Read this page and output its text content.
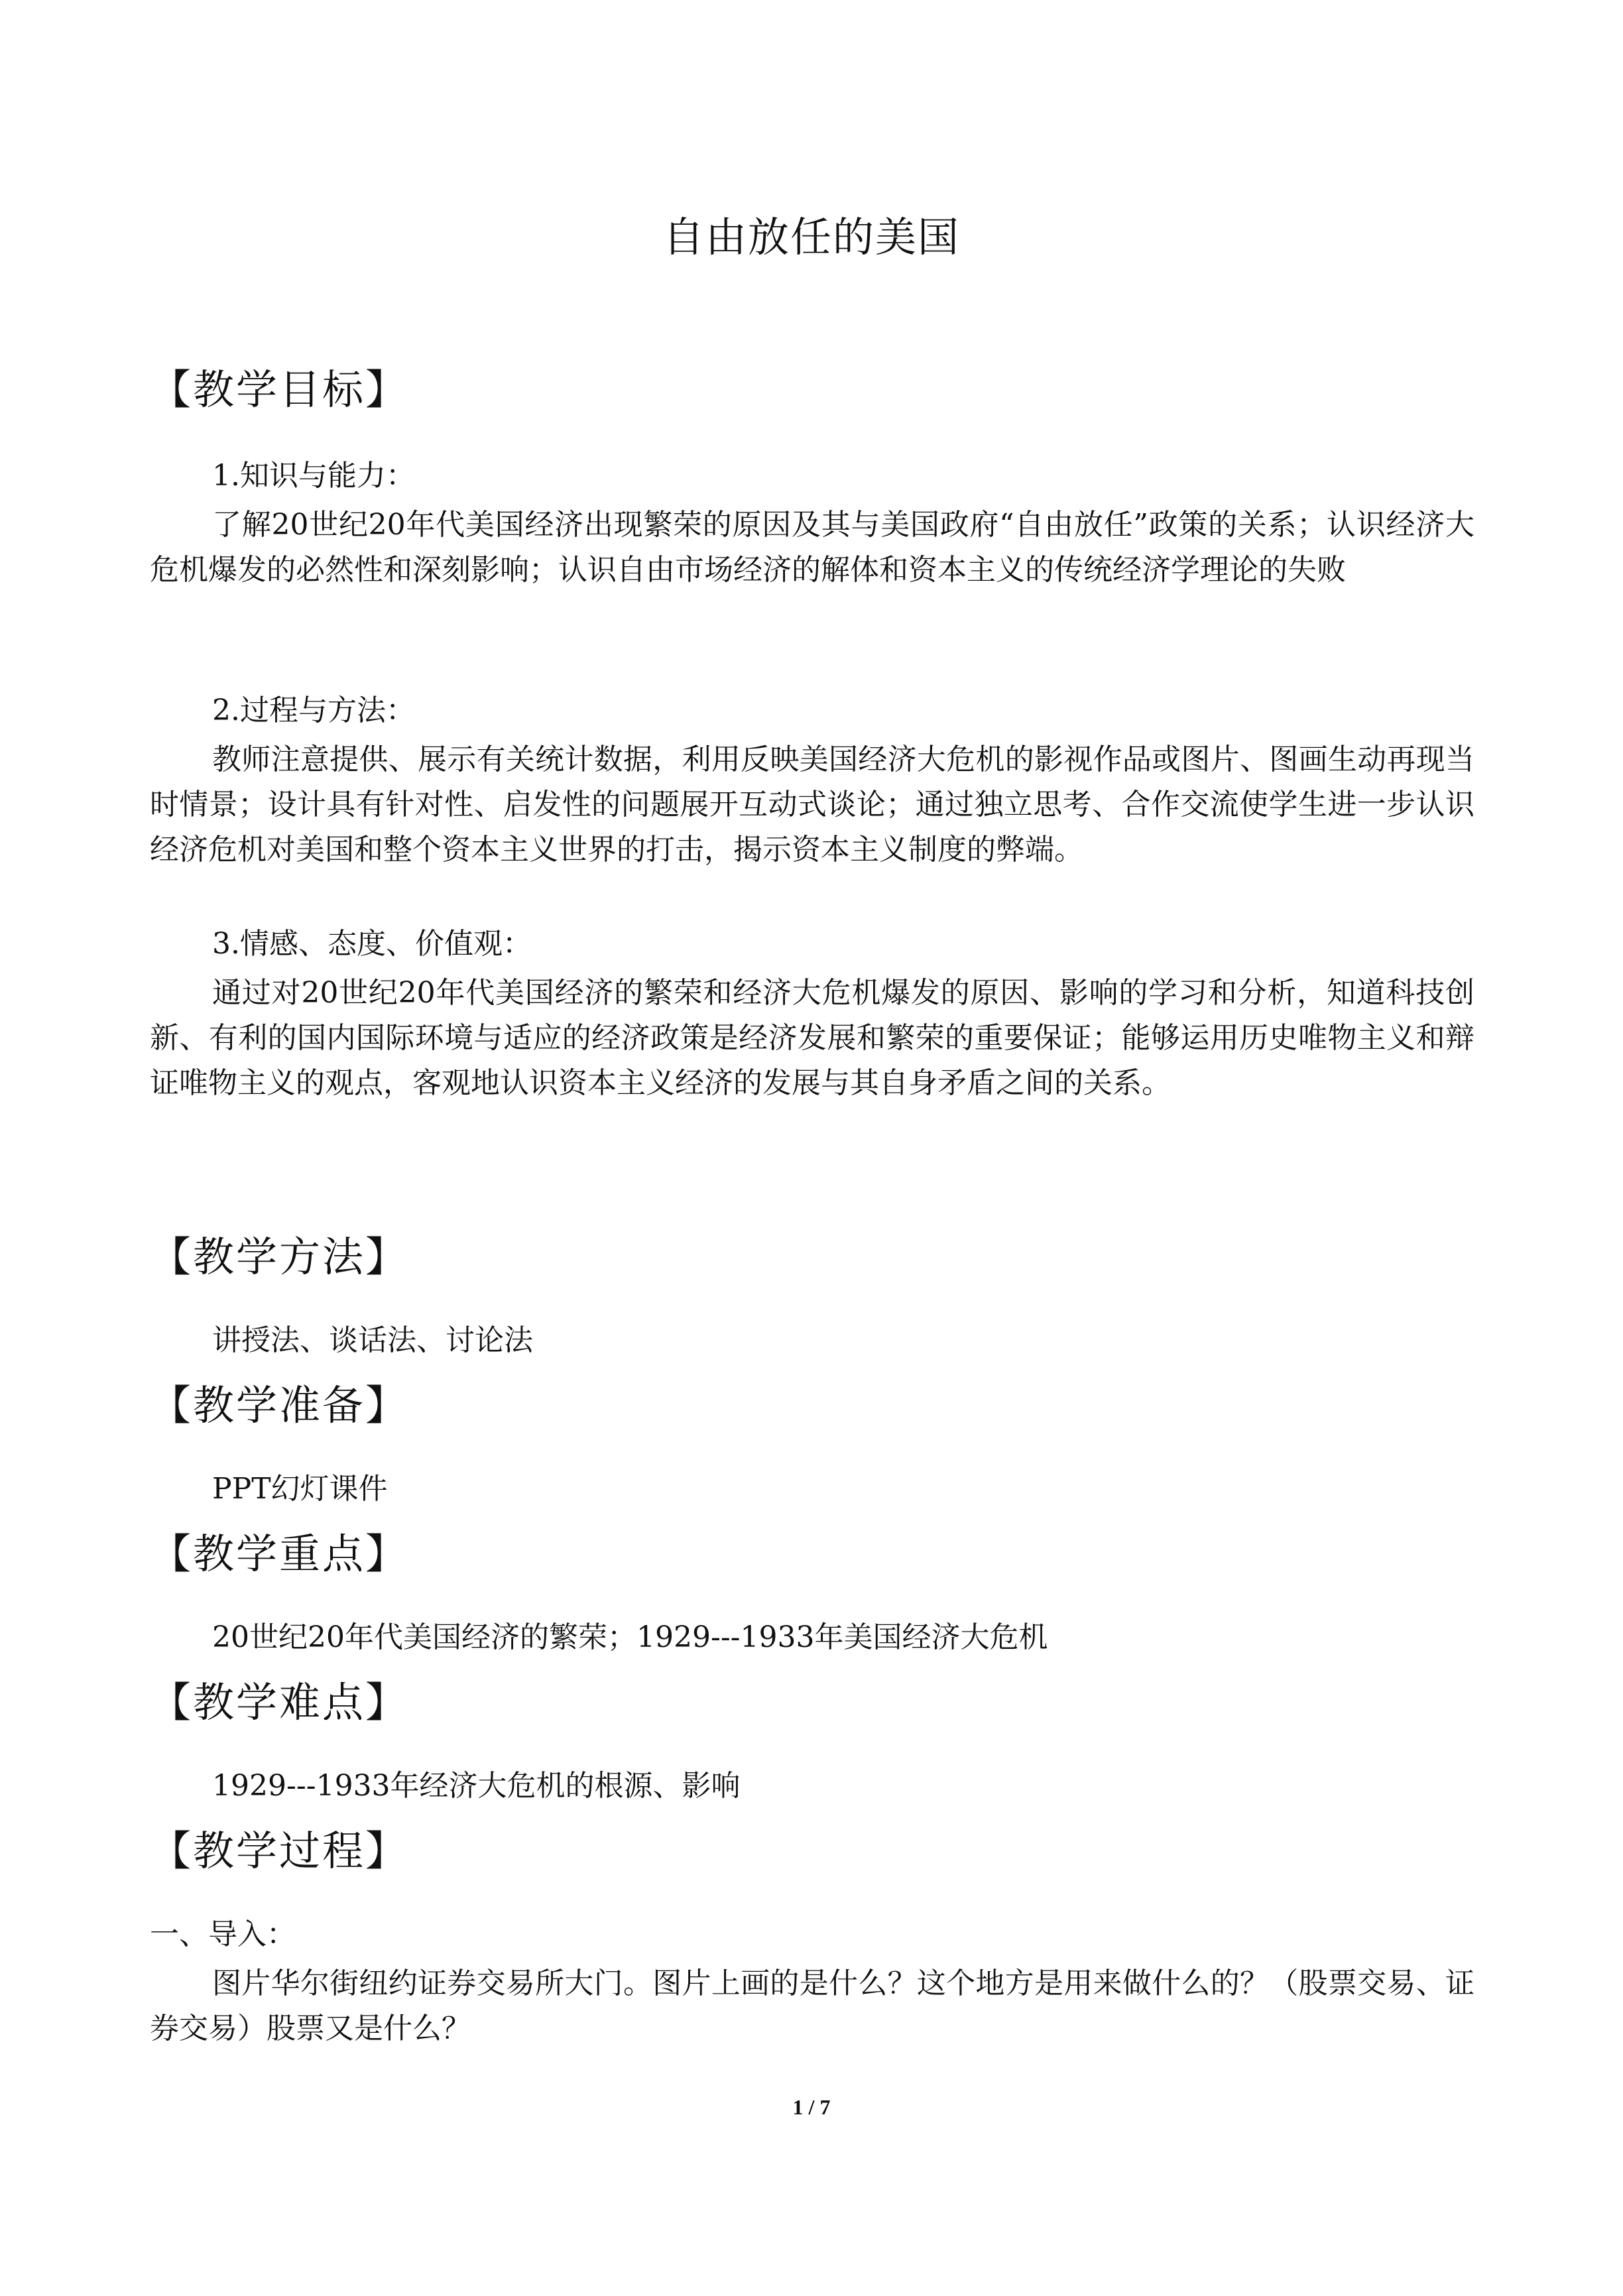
自由放任的美国
【教学目标】
1.知识与能力：
了解20世纪20年代美国经济出现繁荣的原因及其与美国政府“自由放任”政策的关系；认识经济大危机爆发的必然性和深刻影响；认识自由市场经济的解体和资本主义的传统经济学理论的失败
2.过程与方法：
教师注意提供、展示有关统计数据，利用反映美国经济大危机的影视作品或图片、图画生动再现当时情景；设计具有针对性、启发性的问题展开互动式谈论；通过独立思考、合作交流使学生进一步认识经济危机对美国和整个资本主义世界的打击，揭示资本主义制度的弊端。
3.情感、态度、价值观：
通过对20世纪20年代美国经济的繁荣和经济大危机爆发的原因、影响的学习和分析，知道科技创新、有利的国内国际环境与适应的经济政策是经济发展和繁荣的重要保证；能够运用历史唯物主义和辩证唯物主义的观点，客观地认识资本主义经济的发展与其自身矛盾之间的关系。
【教学方法】
讲授法、谈话法、讨论法
【教学准备】
PPT幻灯课件
【教学重点】
20世纪20年代美国经济的繁荣；1929---1933年美国经济大危机
【教学难点】
1929---1933年经济大危机的根源、影响
【教学过程】
一、导入：
图片华尔街纽约证券交易所大门。图片上画的是什么？这个地方是用来做什么的？（股票交易、证券交易）股票又是什么？
1 / 7
